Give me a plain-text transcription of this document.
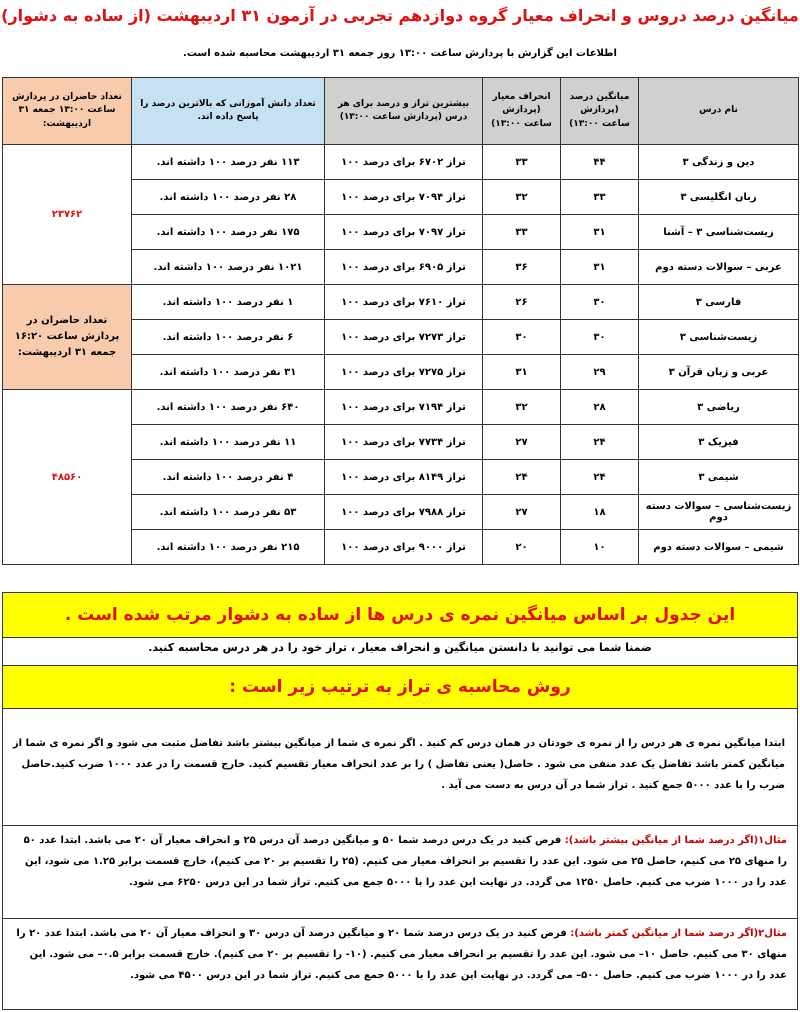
میانگین درصد دروس و انحراف معیار گروه دوازدهم تجربی در آزمون ۳۱ اردیبهشت (از ساده به دشوار)
اطلاعات این گزارش با پردازش ساعت ۱۳:۰۰ روز جمعه ۳۱ اردیبهشت محاسبه شده است.
نام درس	میانگین درصد (پردازش ساعت ۱۳:۰۰)	انحراف معیار (پردازش ساعت ۱۳:۰۰)	بیشترین تراز و درصد برای هر درس (پردازش ساعت ۱۳:۰۰)	تعداد دانش آموزانی که بالاترین درصد را پاسخ داده اند.	تعداد حاضران در پردازش ساعت ۱۳:۰۰ جمعه ۳۱ اردیبهشت:
دین و زندگی ۳	۴۴	۳۳	تراز ۶۷۰۲ برای درصد ۱۰۰	۱۱۳ نفر درصد ۱۰۰ داشته اند.	۲۳۷۶۲
زبان انگلیسی ۳	۳۳	۳۲	تراز ۷۰۹۴ برای درصد ۱۰۰	۲۸ نفر درصد ۱۰۰ داشته اند.	
زیست‌شناسی ۳ – آشنا	۳۱	۳۳	تراز ۷۰۹۷ برای درصد ۱۰۰	۱۷۵ نفر درصد ۱۰۰ داشته اند.	
عربی – سوالات دسته دوم	۳۱	۳۶	تراز ۶۹۰۵ برای درصد ۱۰۰	۱۰۲۱ نفر درصد ۱۰۰ داشته اند.	
فارسی ۳	۳۰	۲۶	تراز ۷۶۱۰ برای درصد ۱۰۰	۱ نفر درصد ۱۰۰ داشته اند.	تعداد حاضران در پردازش ساعت ۱۶:۲۰ جمعه ۳۱ اردیبهشت:
زیست‌شناسی ۳	۳۰	۳۰	تراز ۷۲۷۳ برای درصد ۱۰۰	۶ نفر درصد ۱۰۰ داشته اند.	
عربی و زبان قرآن ۳	۲۹	۳۱	تراز ۷۲۷۵ برای درصد ۱۰۰	۳۱ نفر درصد ۱۰۰ داشته اند.	
ریاضی ۳	۲۸	۳۲	تراز ۷۱۹۴ برای درصد ۱۰۰	۶۴۰ نفر درصد ۱۰۰ داشته اند.	۴۸۵۶۰
فیزیک ۳	۲۴	۲۷	تراز ۷۷۳۴ برای درصد ۱۰۰	۱۱ نفر درصد ۱۰۰ داشته اند.	
شیمی ۳	۲۴	۲۴	تراز ۸۱۴۹ برای درصد ۱۰۰	۴ نفر درصد ۱۰۰ داشته اند.	
زیست‌شناسی – سوالات دسته دوم	۱۸	۲۷	تراز ۷۹۸۸ برای درصد ۱۰۰	۵۳ نفر درصد ۱۰۰ داشته اند.	
شیمی – سوالات دسته دوم	۱۰	۲۰	تراز ۹۰۰۰ برای درصد ۱۰۰	۲۱۵ نفر درصد ۱۰۰ داشته اند.	
این جدول بر اساس میانگین نمره ی درس ها از ساده به دشوار مرتب شده است .
ضمنا شما می توانید با دانستن میانگین و انحراف معیار ، تراز خود را در هر درس محاسبه کنید.
روش محاسبه ی تراز به ترتیب زیر است :
ابتدا میانگین نمره ی هر درس را از نمره ی خودتان در همان درس کم کنید . اگر نمره ی شما از میانگین بیشتر باشد تفاضل مثبت می شود و اگر نمره ی شما از میانگین کمتر باشد تفاضل یک عدد منفی می شود . حاصل( یعنی تفاضل ) را بر عدد انحراف معیار تقسیم کنید. خارج قسمت را در عدد ۱۰۰۰ ضرب کنید.حاصل ضرب را با عدد ۵۰۰۰ جمع کنید . تراز شما در آن درس به دست می آید .
مثال۱(اگر درصد شما از میانگین بیشتر باشد): فرض کنید در یک درس درصد شما ۵۰ و میانگین درصد آن درس ۲۵ و انحراف معیار آن ۲۰ می باشد. ابتدا عدد ۵۰ را منهای ۲۵ می کنیم، حاصل ۲۵ می شود. این عدد را تقسیم بر انحراف معیار می کنیم. (۲۵ را تقسیم بر ۲۰ می کنیم)، خارج قسمت برابر ۱.۲۵ می شود، این عدد را در ۱۰۰۰ ضرب می کنیم. حاصل ۱۲۵۰ می گردد. در نهایت این عدد را با ۵۰۰۰ جمع می کنیم. تراز شما در این درس ۶۲۵۰ می شود.
مثال۲(اگر درصد شما از میانگین کمتر باشد): فرض کنید در یک درس درصد شما ۲۰ و میانگین درصد آن درس ۳۰ و انحراف معیار آن ۲۰ می باشد. ابتدا عدد ۲۰ را منهای ۳۰ می کنیم. حاصل ۱۰– می شود. این عدد را تقسیم بر انحراف معیار می کنیم. (۱۰- را تقسیم بر ۲۰ می کنیم). خارج قسمت برابر ۰.۵– می شود. این عدد را در ۱۰۰۰ ضرب می کنیم. حاصل ۵۰۰– می گردد. در نهایت این عدد را با ۵۰۰۰ جمع می کنیم. تراز شما در این درس ۴۵۰۰ می شود.
